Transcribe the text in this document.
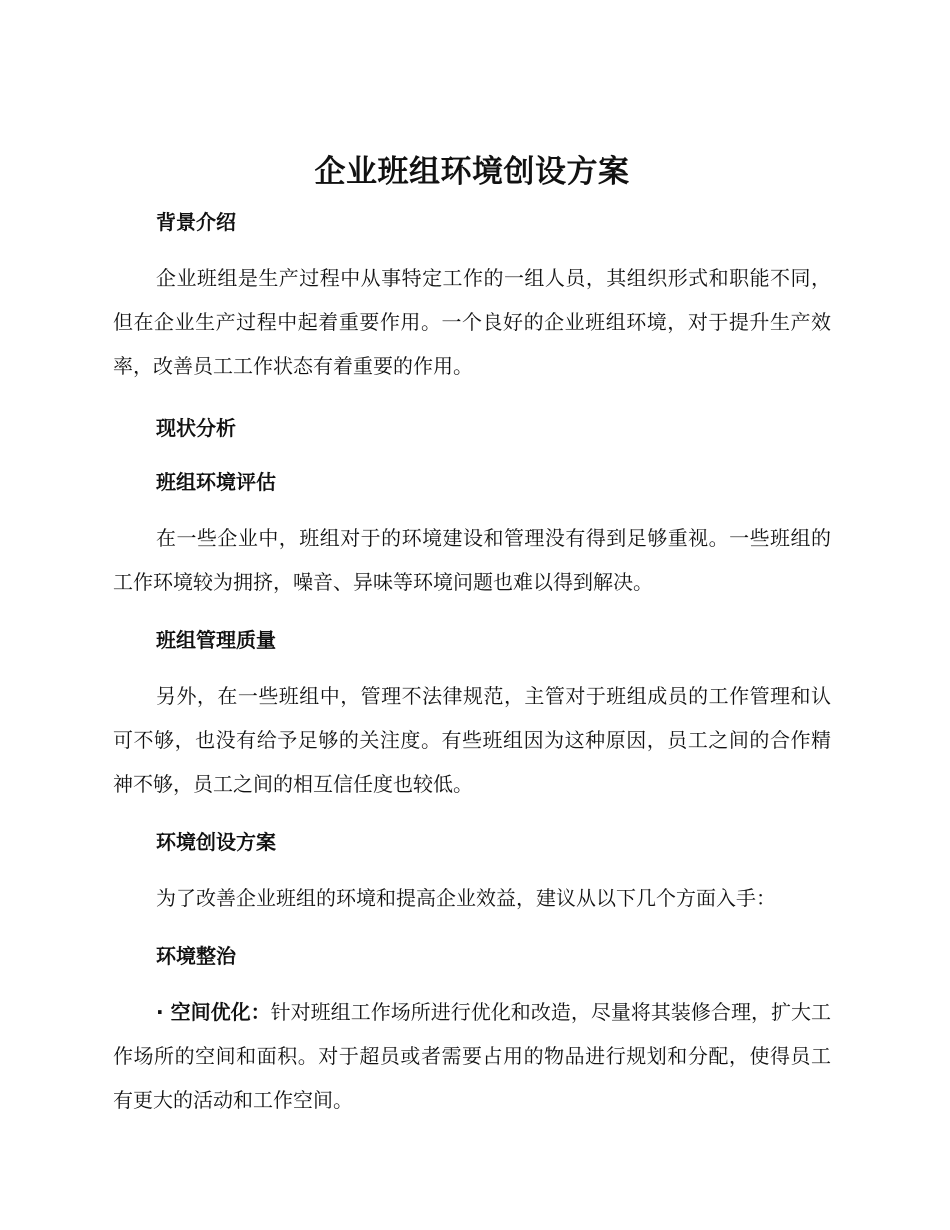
企业班组环境创设方案

背景介绍

企业班组是生产过程中从事特定工作的一组人员，其组织形式和职能不同，但在企业生产过程中起着重要作用。一个良好的企业班组环境，对于提升生产效率，改善员工工作状态有着重要的作用。

现状分析

班组环境评估

在一些企业中，班组对于的环境建设和管理没有得到足够重视。一些班组的工作环境较为拥挤，噪音、异味等环境问题也难以得到解决。

班组管理质量

另外，在一些班组中，管理不法律规范，主管对于班组成员的工作管理和认可不够，也没有给予足够的关注度。有些班组因为这种原因，员工之间的合作精神不够，员工之间的相互信任度也较低。

环境创设方案

为了改善企业班组的环境和提高企业效益，建议从以下几个方面入手：

环境整治

· 空间优化：针对班组工作场所进行优化和改造，尽量将其装修合理，扩大工作场所的空间和面积。对于超员或者需要占用的物品进行规划和分配，使得员工有更大的活动和工作空间。
